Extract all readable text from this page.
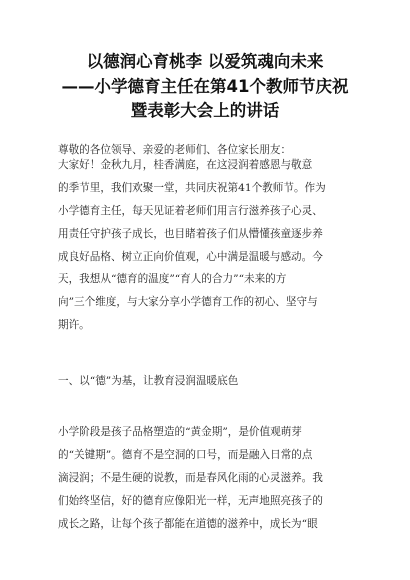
以德润心育桃李 以爱筑魂向未来
——小学德育主任在第41个教师节庆祝
暨表彰大会上的讲话
尊敬的各位领导、亲爱的老师们、各位家长朋友：
大家好！金秋九月，桂香满庭，在这浸润着感恩与敬意
的季节里，我们欢聚一堂，共同庆祝第41个教师节。作为
小学德育主任，每天见证着老师们用言行滋养孩子心灵、
用责任守护孩子成长，也目睹着孩子们从懵懂孩童逐步养
成良好品格、树立正向价值观，心中满是温暖与感动。今
天，我想从“德育的温度”“育人的合力”“未来的方
向”三个维度，与大家分享小学德育工作的初心、坚守与
期许。
一、以“德”为基，让教育浸润温暖底色
小学阶段是孩子品格塑造的“黄金期”，是价值观萌芽
的“关键期”。德育不是空洞的口号，而是融入日常的点
滴浸润；不是生硬的说教，而是春风化雨的心灵滋养。我
们始终坚信，好的德育应像阳光一样，无声地照亮孩子的
成长之路，让每个孩子都能在道德的滋养中，成长为“眼
